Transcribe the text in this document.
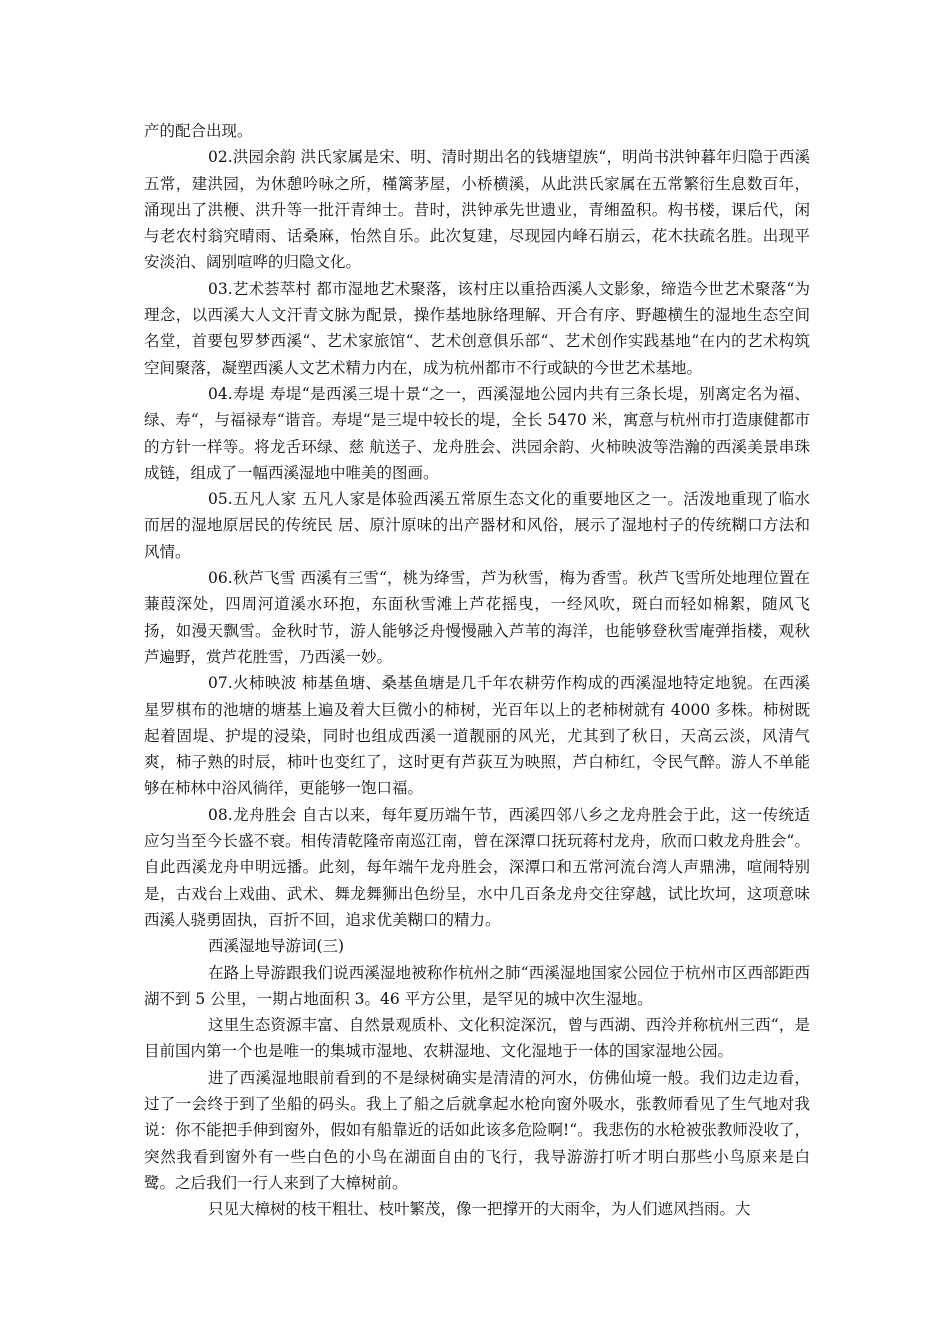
产的配合出现。

02.洪园余韵 洪氏家属是宋、明、清时期出名的钱塘望族“，明尚书洪钟暮年归隐于西溪五常，建洪园，为休憩吟咏之所，槿篱茅屋，小桥横溪，从此洪氏家属在五常繁衍生息数百年，涌现出了洪楩、洪升等一批汗青绅士。昔时，洪钟承先世遗业，青缃盈积。构书楼，课后代，闲与老农村翁究晴雨、话桑麻，怡然自乐。此次复建，尽现园内峰石崩云，花木扶疏名胜。出现平安淡泊、阔别喧哗的归隐文化。

03.艺术荟萃村 都市湿地艺术聚落，该村庄以重拾西溪人文影象，缔造今世艺术聚落“为理念，以西溪大人文汗青文脉为配景，操作基地脉络理解、开合有序、野趣横生的湿地生态空间名堂，首要包罗梦西溪“、艺术家旅馆“、艺术创意俱乐部“、艺术创作实践基地“在内的艺术构筑空间聚落，凝塑西溪人文艺术精力内在，成为杭州都市不行或缺的今世艺术基地。

04.寿堤 寿堤“是西溪三堤十景“之一，西溪湿地公园内共有三条长堤，别离定名为福、绿、寿“，与福禄寿“谐音。寿堤“是三堤中较长的堤，全长 5470 米，寓意与杭州市打造康健都市的方针一样等。将龙舌环绿、慈 航送子、龙舟胜会、洪园余韵、火柿映波等浩瀚的西溪美景串珠成链，组成了一幅西溪湿地中唯美的图画。

05.五凡人家 五凡人家是体验西溪五常原生态文化的重要地区之一。活泼地重现了临水而居的湿地原居民的传统民 居、原汁原味的出产器材和风俗，展示了湿地村子的传统糊口方法和风情。

06.秋芦飞雪 西溪有三雪“，桃为绛雪，芦为秋雪，梅为香雪。秋芦飞雪所处地理位置在蒹葭深处，四周河道溪水环抱，东面秋雪滩上芦花摇曳，一经风吹，斑白而轻如棉絮，随风飞扬，如漫天飘雪。金秋时节，游人能够泛舟慢慢融入芦苇的海洋，也能够登秋雪庵弹指楼，观秋芦遍野，赏芦花胜雪，乃西溪一妙。

07.火柿映波 柿基鱼塘、桑基鱼塘是几千年农耕劳作构成的西溪湿地特定地貌。在西溪星罗棋布的池塘的塘基上遍及着大巨微小的柿树，光百年以上的老柿树就有 4000 多株。柿树既起着固堤、护堤的浸染，同时也组成西溪一道靓丽的风光，尤其到了秋日，天高云淡，风清气爽，柿子熟的时辰，柿叶也变红了，这时更有芦荻互为映照，芦白柿红，令民气醉。游人不单能够在柿林中浴风徜徉，更能够一饱口福。

08.龙舟胜会 自古以来，每年夏历端午节，西溪四邻八乡之龙舟胜会于此，这一传统适应匀当至今长盛不衰。相传清乾隆帝南巡江南，曾在深潭口抚玩蒋村龙舟，欣而口敕龙舟胜会“。自此西溪龙舟申明远播。此刻，每年端午龙舟胜会，深潭口和五常河流台湾人声鼎沸，喧闹特别是，古戏台上戏曲、武术、舞龙舞狮出色纷呈，水中几百条龙舟交往穿越，试比坎坷，这项意味西溪人骁勇固执，百折不回，追求优美糊口的精力。

西溪湿地导游词(三)

在路上导游跟我们说西溪湿地被称作杭州之肺“西溪湿地国家公园位于杭州市区西部距西湖不到 5 公里，一期占地面积 3。46 平方公里，是罕见的城中次生湿地。

这里生态资源丰富、自然景观质朴、文化积淀深沉，曾与西湖、西泠并称杭州三西“，是目前国内第一个也是唯一的集城市湿地、农耕湿地、文化湿地于一体的国家湿地公园。

进了西溪湿地眼前看到的不是绿树确实是清清的河水，仿佛仙境一般。我们边走边看，过了一会终于到了坐船的码头。我上了船之后就拿起水枪向窗外吸水，张教师看见了生气地对我说：你不能把手伸到窗外，假如有船靠近的话如此该多危险啊!“。我悲伤的水枪被张教师没收了，突然我看到窗外有一些白色的小鸟在湖面自由的飞行，我导游游打听才明白那些小鸟原来是白鹭。之后我们一行人来到了大樟树前。

只见大樟树的枝干粗壮、枝叶繁茂，像一把撑开的大雨伞，为人们遮风挡雨。大
